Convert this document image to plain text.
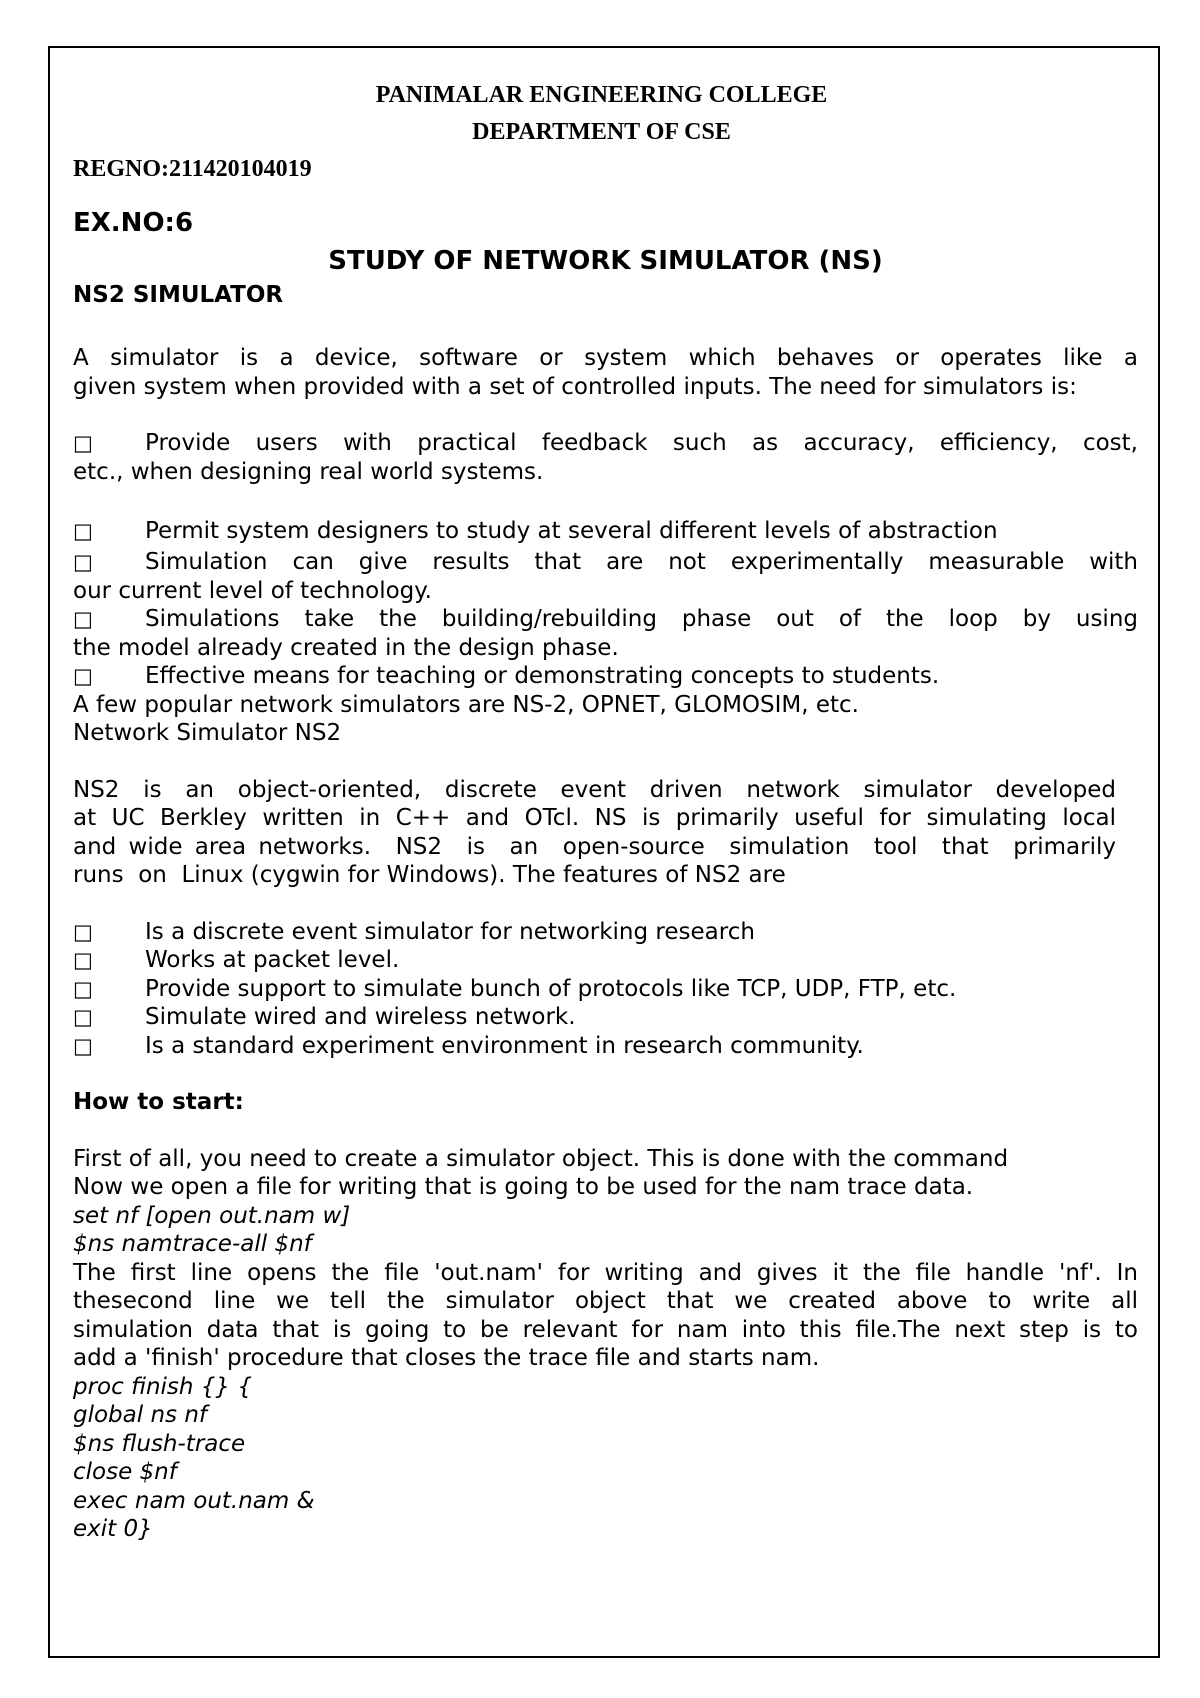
PANIMALAR ENGINEERING COLLEGE
DEPARTMENT OF CSE
REGNO:211420104019
EX.NO:6
STUDY OF NETWORK SIMULATOR (NS)
NS2 SIMULATOR
A simulator is a device, software or system which behaves or operates like a
given system when provided with a set of controlled inputs. The need for simulators is:
□	Provide users with practical feedback such as accuracy, efficiency, cost,
etc., when designing real world systems.
□	Permit system designers to study at several different levels of abstraction
□	Simulation can give results that are not experimentally measurable with
our current level of technology.
□	Simulations take the building/rebuilding phase out of the loop by using
the model already created in the design phase.
□	Effective means for teaching or demonstrating concepts to students.
A few popular network simulators are NS-2, OPNET, GLOMOSIM, etc.
Network Simulator NS2
NS2 is an object-oriented, discrete event driven network simulator developed
at UC Berkley written in C++ and OTcl. NS is primarily useful for simulating local
and wide area networks.  NS2  is  an  open-source  simulation  tool  that  primarily
runs  on  Linux (cygwin for Windows). The features of NS2 are
□	Is a discrete event simulator for networking research
□	Works at packet level.
□	Provide support to simulate bunch of protocols like TCP, UDP, FTP, etc.
□	Simulate wired and wireless network.
□	Is a standard experiment environment in research community.
How to start:
First of all, you need to create a simulator object. This is done with the command
Now we open a file for writing that is going to be used for the nam trace data.
set nf [open out.nam w]
$ns namtrace-all $nf
The first line opens the file 'out.nam' for writing and gives it the file handle 'nf'. In
thesecond line we tell the simulator object that we created above to write all
simulation data that is going to be relevant for nam into this file.The next step is to
add a 'finish' procedure that closes the trace file and starts nam.
proc finish {} {
global ns nf
$ns flush-trace
close $nf
exec nam out.nam &
exit 0}
